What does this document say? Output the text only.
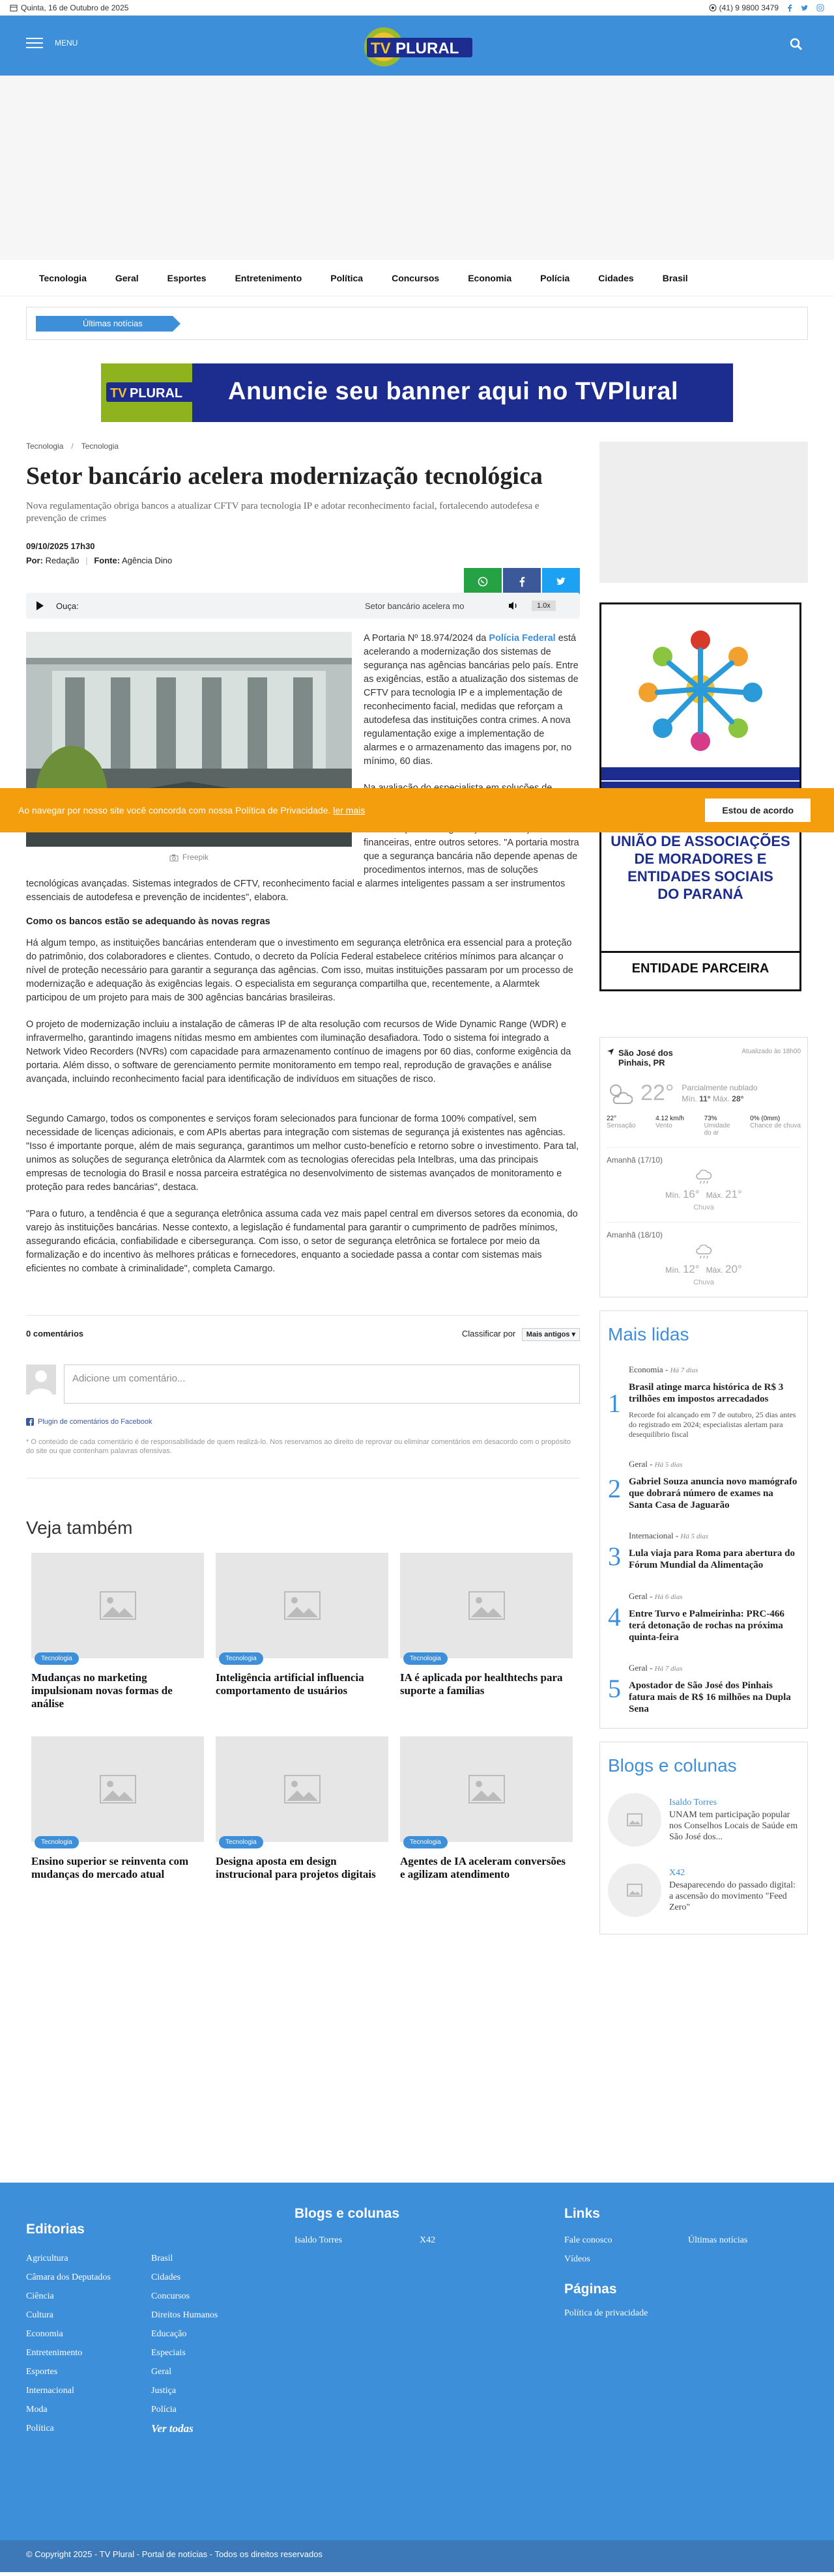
Quinta, 16 de Outubro de 2025	(41) 9 9800 3479
MENU	TV PLURAL
Tecnologia	Geral	Esportes	Entretenimento	Política	Concursos	Economia	Polícia	Cidades	Brasil
Últimas notícias
TV PLURAL Anuncie seu banner aqui no TVPlural
Tecnologia / Tecnologia
Setor bancário acelera modernização tecnológica
Nova regulamentação obriga bancos a atualizar CFTV para tecnologia IP e adotar reconhecimento facial, fortalecendo autodefesa e prevenção de crimes
09/10/2025 17h30
Por: Redação | Fonte: Agência Dino
Ouça:	Setor bancário acelera mo	1.0x
Freepik

A Portaria Nº 18.974/2024 da Polícia Federal está acelerando a modernização dos sistemas de segurança nas agências bancárias pelo país. Entre as exigências, estão a atualização dos sistemas de CFTV para tecnologia IP e a implementação de reconhecimento facial, medidas que reforçam a autodefesa das instituições contra crimes. A nova regulamentação exige a implementação de alarmes e o armazenamento das imagens por, no mínimo, 60 dias.

financeiras, entre outros setores. "A portaria mostra que a segurança bancária não depende apenas de procedimentos internos, mas de soluções tecnológicas avançadas. Sistemas integrados de CFTV, reconhecimento facial e alarmes inteligentes passam a ser instrumentos essenciais de autodefesa e prevenção de incidentes", elabora.

Como os bancos estão se adequando às novas regras

Há algum tempo, as instituições bancárias entenderam que o investimento em segurança eletrônica era essencial para a proteção do patrimônio, dos colaboradores e clientes. Contudo, o decreto da Polícia Federal estabelece critérios mínimos para alcançar o nível de proteção necessário para garantir a segurança das agências. Com isso, muitas instituições passaram por um processo de modernização e adequação às exigências legais. O especialista em segurança compartilha que, recentemente, a Alarmtek participou de um projeto para mais de 300 agências bancárias brasileiras.

O projeto de modernização incluiu a instalação de câmeras IP de alta resolução com recursos de Wide Dynamic Range (WDR) e infravermelho, garantindo imagens nítidas mesmo em ambientes com iluminação desafiadora. Todo o sistema foi integrado a Network Video Recorders (NVRs) com capacidade para armazenamento contínuo de imagens por 60 dias, conforme exigência da portaria. Além disso, o software de gerenciamento permite monitoramento em tempo real, reprodução de gravações e análise avançada, incluindo reconhecimento facial para identificação de indivíduos em situações de risco.

Segundo Camargo, todos os componentes e serviços foram selecionados para funcionar de forma 100% compatível, sem necessidade de licenças adicionais, e com APIs abertas para integração com sistemas de segurança já existentes nas agências. "Isso é importante porque, além de mais segurança, garantimos um melhor custo-benefício e retorno sobre o investimento. Para tal, unimos as soluções de segurança eletrônica da Alarmtek com as tecnologias oferecidas pela Intelbras, uma das principais empresas de tecnologia do Brasil e nossa parceira estratégica no desenvolvimento de sistemas avançados de monitoramento e proteção para redes bancárias", destaca.

"Para o futuro, a tendência é que a segurança eletrônica assuma cada vez mais papel central em diversos setores da economia, do varejo às instituições bancárias. Nesse contexto, a legislação é fundamental para garantir o cumprimento de padrões mínimos, assegurando eficácia, confiabilidade e cibersegurança. Com isso, o setor de segurança eletrônica se fortalece por meio da formalização e do incentivo às melhores práticas e fornecedores, enquanto a sociedade passa a contar com sistemas mais eficientes no combate à criminalidade", completa Camargo.

0 comentários	Classificar por Mais antigos ▾
Adicione um comentário...
Plugin de comentários do Facebook
* O conteúdo de cada comentário é de responsabilidade de quem realizá-lo. Nos reservamos ao direito de reprovar ou eliminar comentários em desacordo com o propósito do site ou que contenham palavras ofensivas.
Veja também
Tecnologia
Mudanças no marketing impulsionam novas formas de análise
Tecnologia
Inteligência artificial influencia comportamento de usuários
Tecnologia
IA é aplicada por healthtechs para suporte a famílias
Tecnologia
Ensino superior se reinventa com mudanças do mercado atual
Tecnologia
Designa aposta em design instrucional para projetos digitais
Tecnologia
Agentes de IA aceleram conversões e agilizam atendimento
UNIÃO DE ASSOCIAÇÕES
DE MORADORES E
ENTIDADES SOCIAIS
DO PARANÁ
ENTIDADE PARCEIRA
São José dos Pinhais, PR
Atualizado às 18h00
22° Parcialmente nublado
Mín. 11° Máx. 28°
22°
Sensação
4.12 km/h
Vento
73%
Umidade do ar
0% (0mm)
Chance de chuva
Amanhã (17/10)
Mín. 16° Máx. 21°
Chuva
Amanhã (18/10)
Mín. 12° Máx. 20°
Chuva
Mais lidas
1
Economia - Há 7 dias
Brasil atinge marca histórica de R$ 3 trilhões em impostos arrecadados
Recorde foi alcançado em 7 de outubro, 25 dias antes do registrado em 2024; especialistas alertam para desequilíbrio fiscal
2
Geral - Há 5 dias
Gabriel Souza anuncia novo mamógrafo que dobrará número de exames na Santa Casa de Jaguarão
3
Internacional - Há 5 dias
Lula viaja para Roma para abertura do Fórum Mundial da Alimentação
4
Geral - Há 6 dias
Entre Turvo e Palmeirinha: PRC-466 terá detonação de rochas na próxima quinta-feira
5
Geral - Há 7 dias
Apostador de São José dos Pinhais fatura mais de R$ 16 milhões na Dupla Sena
Blogs e colunas
Isaldo Torres
UNAM tem participação popular nos Conselhos Locais de Saúde em São José dos...
X42
Desaparecendo do passado digital: a ascensão do movimento "Feed Zero"
Ao navegar por nosso site você concorda com nossa Política de Privacidade.
ler mais	Estou de acordo
Editorias
Agricultura
Câmara dos Deputados
Ciência
Cultura
Economia
Entretenimento
Esportes
Internacional
Moda
Política
Brasil
Cidades
Concursos
Direitos Humanos
Educação
Especiais
Geral
Justiça
Polícia
Ver todas
Blogs e colunas
Isaldo Torres	X42
Links
Fale conosco
Vídeos
Últimas notícias
Páginas
Política de privacidade
© Copyright 2025 - TV Plural - Portal de notícias - Todos os direitos reservados
